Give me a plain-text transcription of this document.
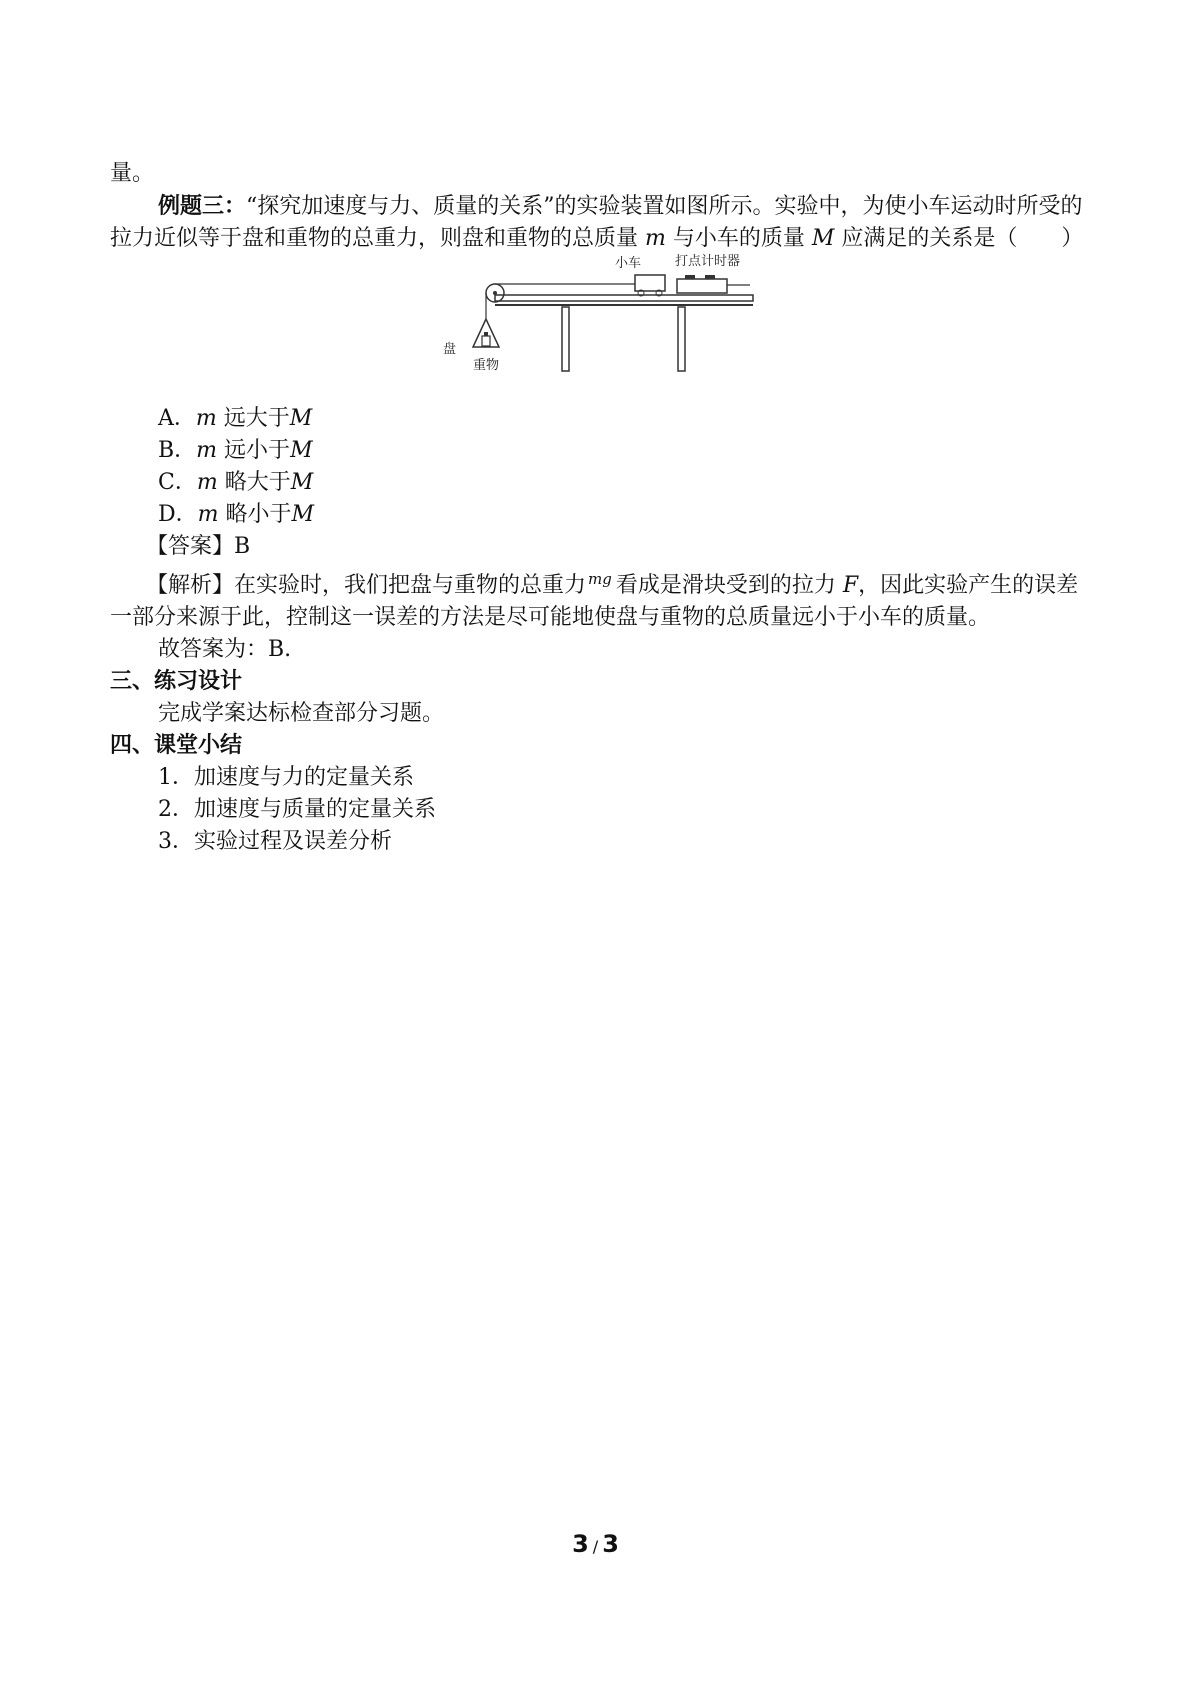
量。

例题三：“探究加速度与力、质量的关系”的实验装置如图所示。实验中，为使小车运动时所受的拉力近似等于盘和重物的总重力，则盘和重物的总质量 m 与小车的质量 M 应满足的关系是（　　）

小车	打点计时器
盘
重物

A．m 远大于M

B．m 远小于M

C．m 略大于M

D．m 略小于M

【答案】B

【解析】在实验时，我们把盘与重物的总重力 $^{mg}$ 看成是滑块受到的拉力 F，因此实验产生的误差一部分来源于此，控制这一误差的方法是尽可能地使盘与重物的总质量远小于小车的质量。

故答案为：B.

三、练习设计

完成学案达标检查部分习题。

四、课堂小结

1．加速度与力的定量关系

2．加速度与质量的定量关系

3．实验过程及误差分析

3 / 3
